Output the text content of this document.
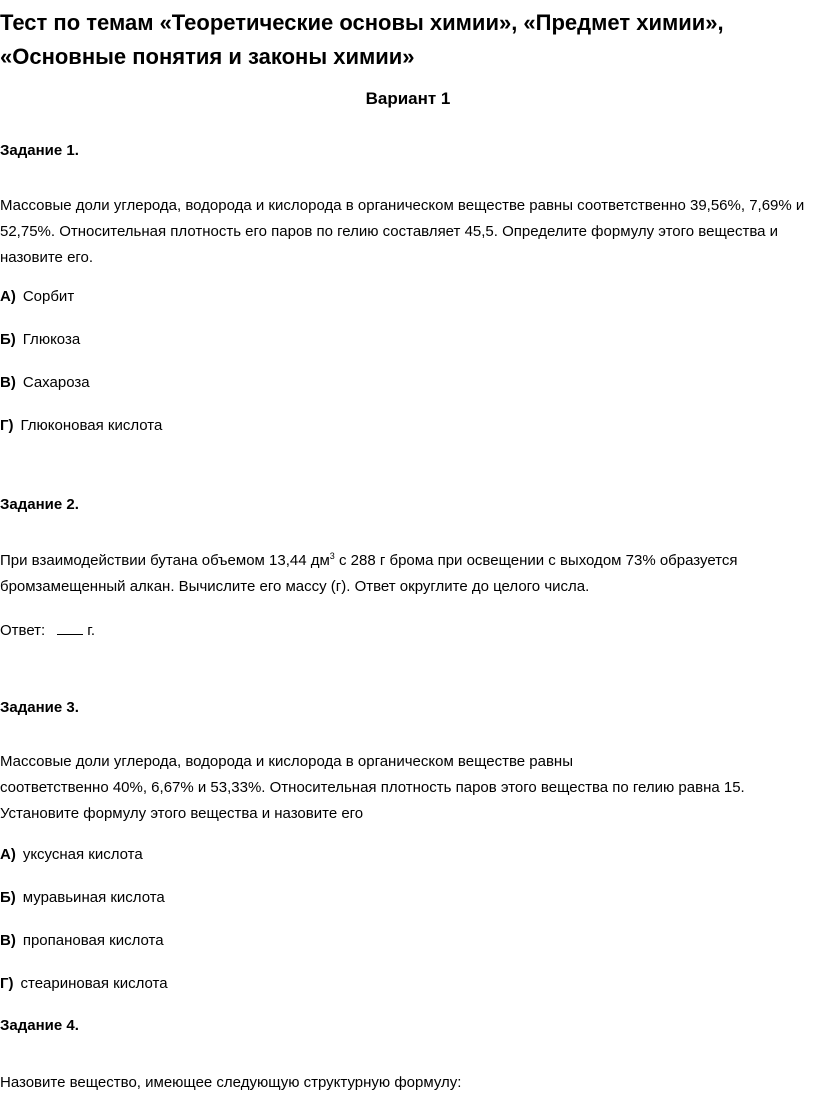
Тест по темам «Теоретические основы химии», «Предмет химии», «Основные понятия и законы химии»
Вариант 1
Задание 1.
Массовые доли углерода, водорода и кислорода в органическом веществе равны соответственно 39,56%, 7,69% и 52,75%. Относительная плотность его паров по гелию составляет 45,5. Определите формулу этого вещества и назовите его.
А) Сорбит
Б) Глюкоза
В) Сахароза
Г) Глюконовая кислота
Задание 2.
При взаимодействии бутана объемом 13,44 $дм^3$ с 288 г брома при освещении с выходом 73% образуется бромзамещенный алкан. Вычислите его массу (г). Ответ округлите до целого числа.
Ответ:	г.
Задание 3.
Массовые доли углерода, водорода и кислорода в органическом веществе равны
соответственно 40%, 6,67% и 53,33%. Относительная плотность паров этого вещества по гелию равна 15.
Установите формулу этого вещества и назовите его
А) уксусная кислота
Б) муравьиная кислота
В) пропановая кислота
Г) стеариновая кислота
Задание 4.
Назовите вещество, имеющее следующую структурную формулу:
